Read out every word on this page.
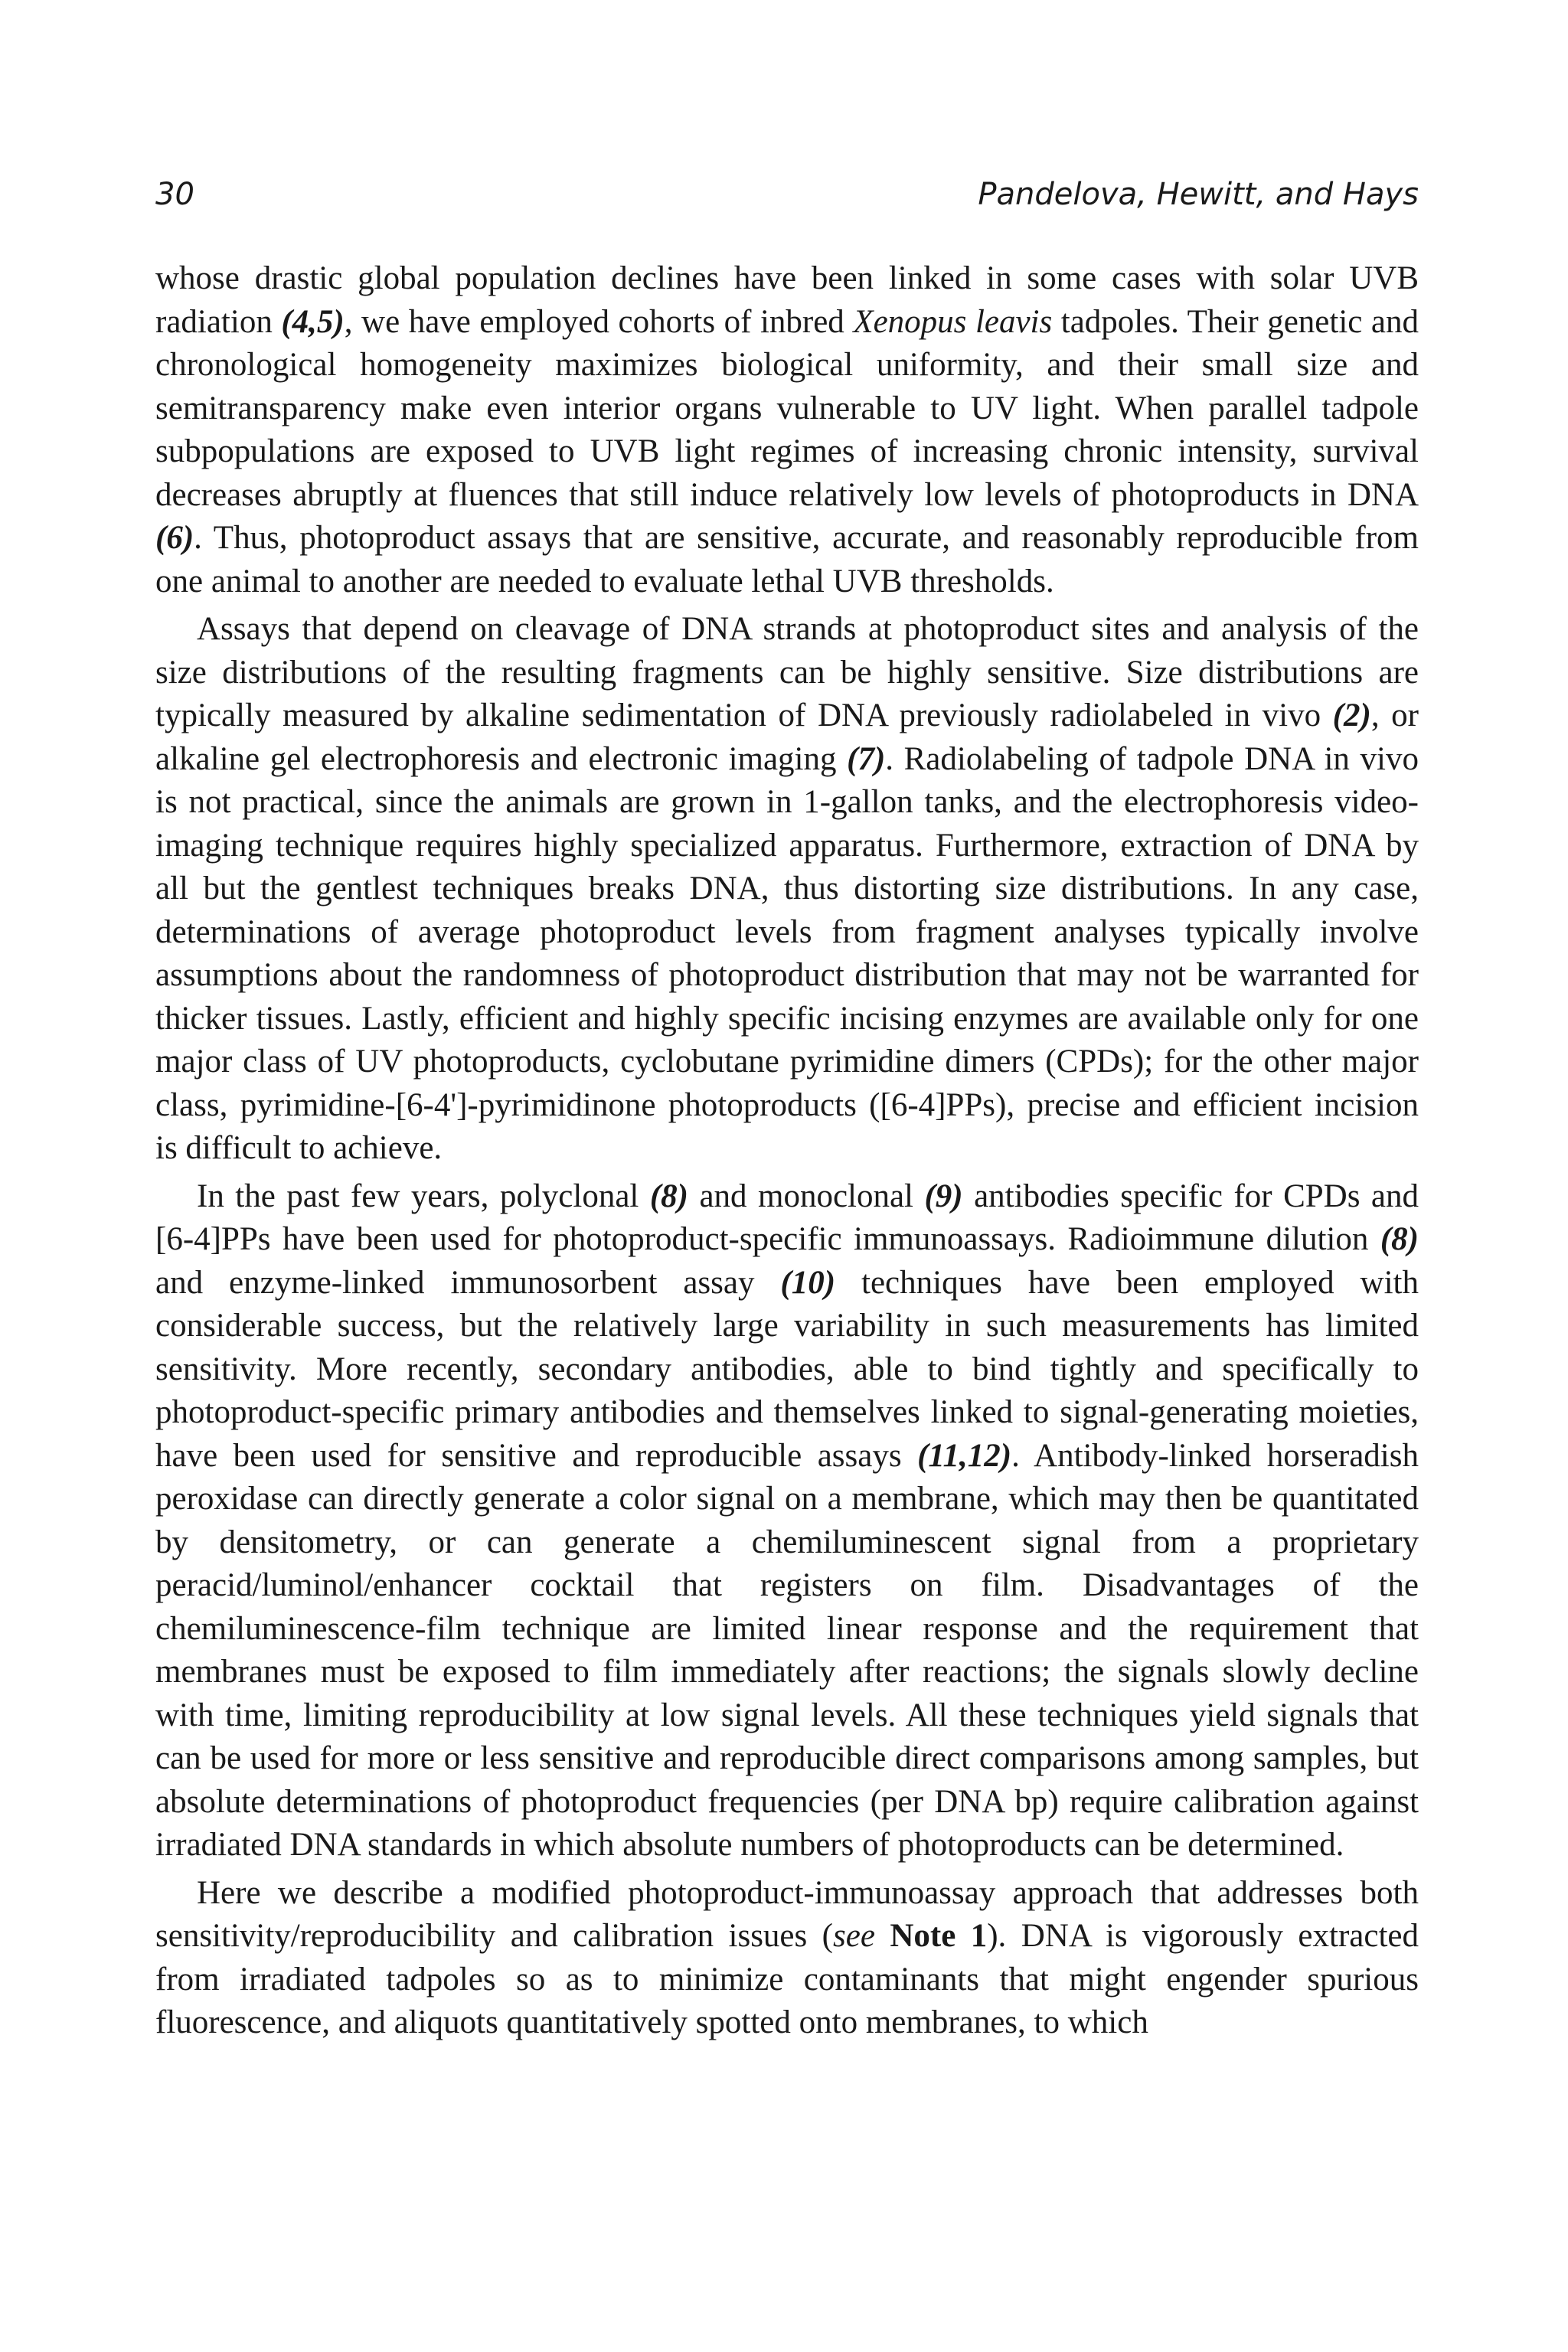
30	Pandelova, Hewitt, and Hays

whose drastic global population declines have been linked in some cases with solar UVB radiation (4,5), we have employed cohorts of inbred Xenopus leavis tadpoles. Their genetic and chronological homogeneity maximizes biological uniformity, and their small size and semitransparency make even interior organs vulnerable to UV light. When parallel tadpole subpopulations are exposed to UVB light regimes of increasing chronic intensity, survival decreases abruptly at fluences that still induce relatively low levels of photoproducts in DNA (6). Thus, photoproduct assays that are sensitive, accurate, and reasonably reproducible from one animal to another are needed to evaluate lethal UVB thresholds.

Assays that depend on cleavage of DNA strands at photoproduct sites and analysis of the size distributions of the resulting fragments can be highly sensitive. Size distributions are typically measured by alkaline sedimentation of DNA previously radiolabeled in vivo (2), or alkaline gel electrophoresis and electronic imaging (7). Radiolabeling of tadpole DNA in vivo is not practical, since the animals are grown in 1-gallon tanks, and the electrophoresis video-imaging technique requires highly specialized apparatus. Furthermore, extraction of DNA by all but the gentlest techniques breaks DNA, thus distorting size distributions. In any case, determinations of average photoproduct levels from fragment analyses typically involve assumptions about the randomness of photoproduct distribution that may not be warranted for thicker tissues. Lastly, efficient and highly specific incising enzymes are available only for one major class of UV photoproducts, cyclobutane pyrimidine dimers (CPDs); for the other major class, pyrimidine-[6-4']-pyrimidinone photoproducts ([6-4]PPs), precise and efficient incision is difficult to achieve.

In the past few years, polyclonal (8) and monoclonal (9) antibodies specific for CPDs and [6-4]PPs have been used for photoproduct-specific immunoassays. Radioimmune dilution (8) and enzyme-linked immunosorbent assay (10) techniques have been employed with considerable success, but the relatively large variability in such measurements has limited sensitivity. More recently, secondary antibodies, able to bind tightly and specifically to photoproduct-specific primary antibodies and themselves linked to signal-generating moieties, have been used for sensitive and reproducible assays (11,12). Antibody-linked horseradish peroxidase can directly generate a color signal on a membrane, which may then be quantitated by densitometry, or can generate a chemiluminescent signal from a proprietary peracid/luminol/enhancer cocktail that registers on film. Disadvantages of the chemiluminescence-film technique are limited linear response and the requirement that membranes must be exposed to film immediately after reactions; the signals slowly decline with time, limiting reproducibility at low signal levels. All these techniques yield signals that can be used for more or less sensitive and reproducible direct comparisons among samples, but absolute determinations of photoproduct frequencies (per DNA bp) require calibration against irradiated DNA standards in which absolute numbers of photoproducts can be determined.

Here we describe a modified photoproduct-immunoassay approach that addresses both sensitivity/reproducibility and calibration issues (see Note 1). DNA is vigorously extracted from irradiated tadpoles so as to minimize contaminants that might engender spurious fluorescence, and aliquots quantitatively spotted onto membranes, to which
